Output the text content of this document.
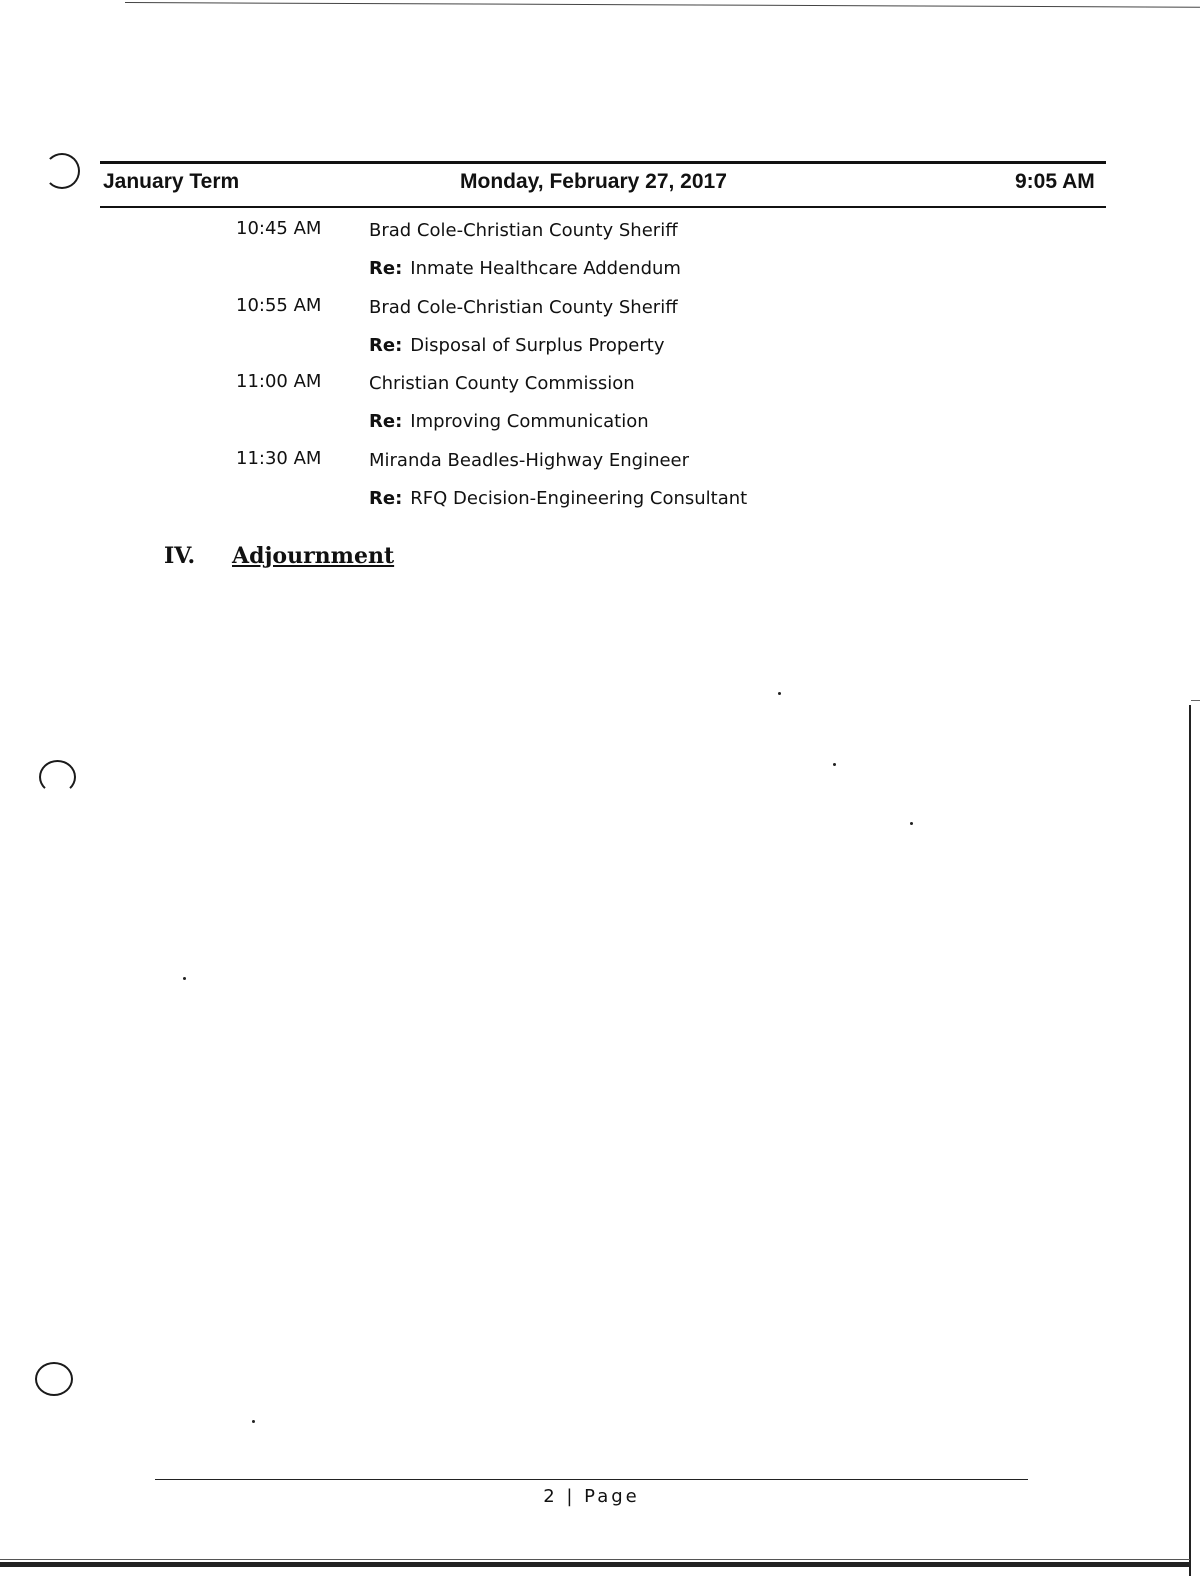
January Term	Monday, February 27, 2017	9:05 AM
10:45 AM	Brad Cole-Christian County Sheriff
Re: Inmate Healthcare Addendum
10:55 AM	Brad Cole-Christian County Sheriff
Re: Disposal of Surplus Property
11:00 AM	Christian County Commission
Re: Improving Communication
11:30 AM	Miranda Beadles-Highway Engineer
Re: RFQ Decision-Engineering Consultant
IV. Adjournment
2 | Page
